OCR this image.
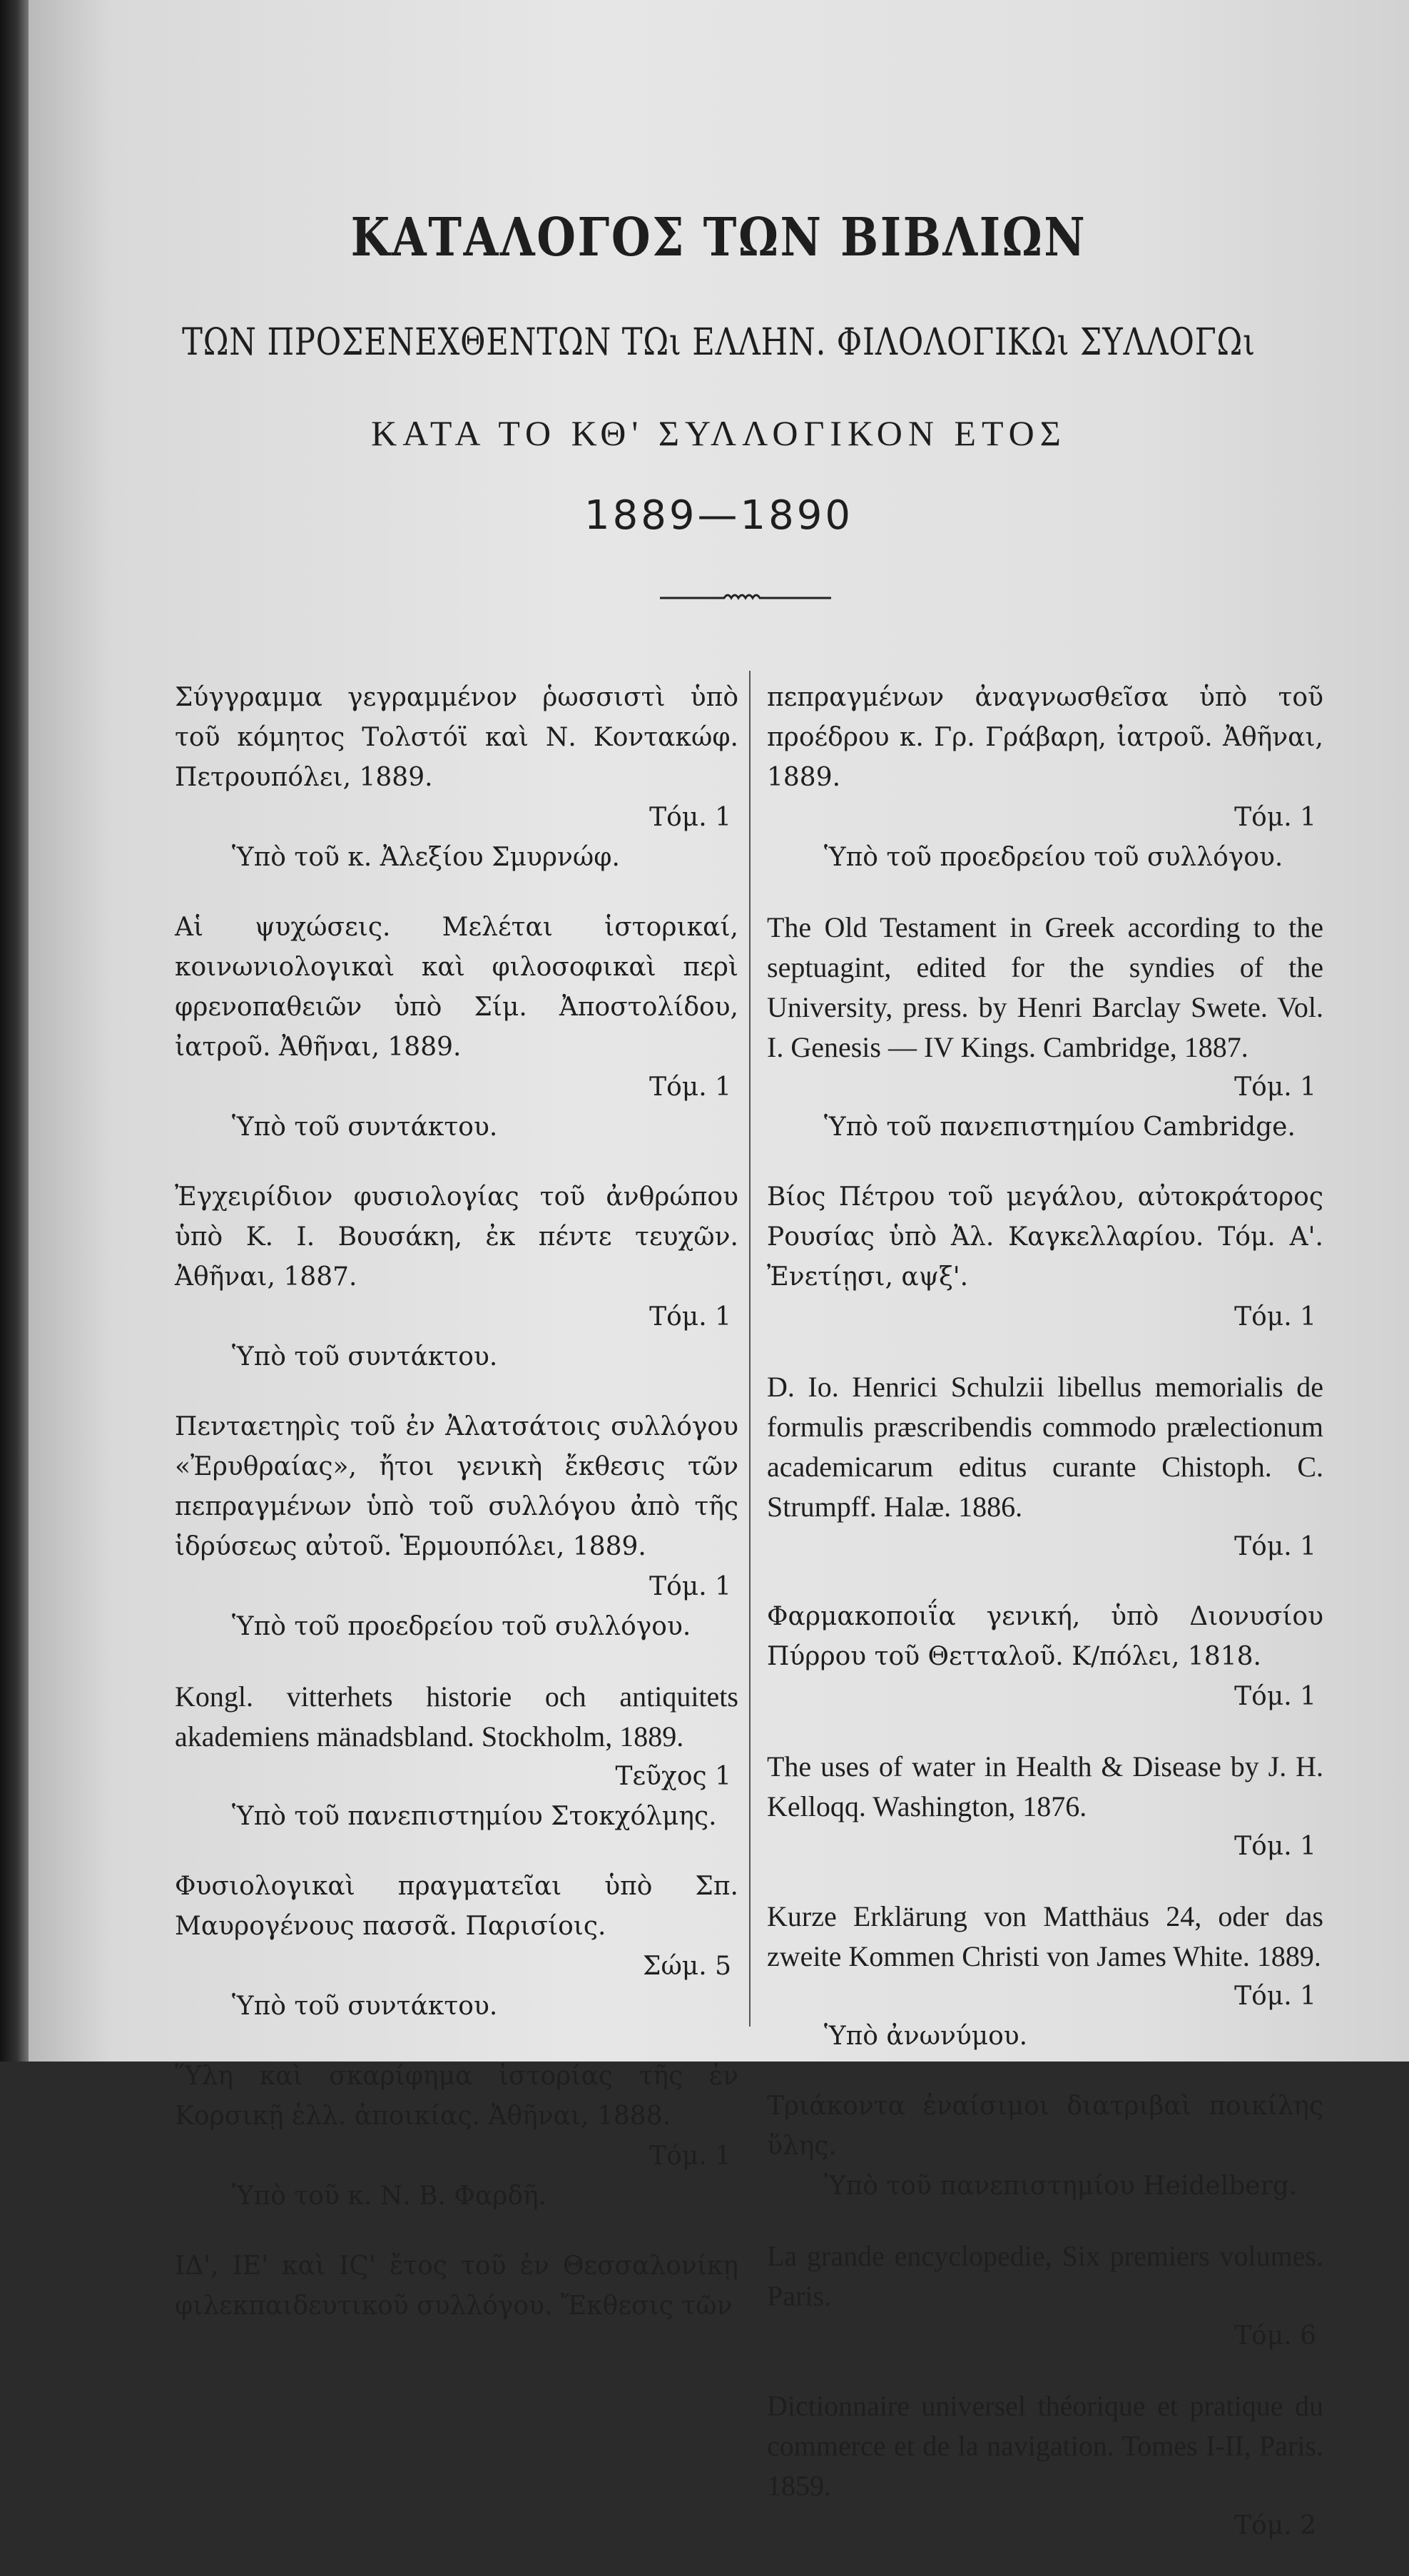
ΚΑΤΑΛΟΓΟΣ ΤΩΝ ΒΙΒΛΙΩΝ
ΤΩΝ ΠΡΟΣΕΝΕΧΘΕΝΤΩΝ ΤΩι ΕΛΛΗΝ. ΦΙΛΟΛΟΓΙΚΩι ΣΥΛΛΟΓΩι
ΚΑΤΑ ΤΟ ΚΘ' ΣΥΛΛΟΓΙΚΟΝ ΕΤΟΣ
1889—1890
Σύγγραμμα γεγραμμένον ῥωσσιστὶ ὑπὸ τοῦ κόμητος Τολστόϊ καὶ Ν. Κοντακώφ. Πετρουπόλει, 1889.
Τόμ. 1
Ὑπὸ τοῦ κ. Ἀλεξίου Σμυρνώφ.
Αἱ ψυχώσεις. Μελέται ἱστορικαί, κοινωνιολογικαὶ καὶ φιλοσοφικαὶ περὶ φρενοπαθειῶν ὑπὸ Σίμ. Ἀποστολίδου, ἰατροῦ. Ἀθῆναι, 1889.
Τόμ. 1
Ὑπὸ τοῦ συντάκτου.
Ἐγχειρίδιον φυσιολογίας τοῦ ἀνθρώπου ὑπὸ Κ. Ι. Βουσάκη, ἐκ πέντε τευχῶν. Ἀθῆναι, 1887.
Τόμ. 1
Ὑπὸ τοῦ συντάκτου.
Πενταετηρὶς τοῦ ἐν Ἀλατσάτοις συλλόγου «Ἐρυθραίας», ἤτοι γενικὴ ἔκθεσις τῶν πεπραγμένων ὑπὸ τοῦ συλλόγου ἀπὸ τῆς ἱδρύσεως αὐτοῦ. Ἑρμουπόλει, 1889.
Τόμ. 1
Ὑπὸ τοῦ προεδρείου τοῦ συλλόγου.
Kongl. vitterhets historie och antiquitets akademiens mänadsbland. Stockholm, 1889.
Τεῦχος 1
Ὑπὸ τοῦ πανεπιστημίου Στοκχόλμης.
Φυσιολογικαὶ πραγματεῖαι ὑπὸ Σπ. Μαυρογένους πασσᾶ. Παρισίοις.
Σώμ. 5
Ὑπὸ τοῦ συντάκτου.
Ὕλη καὶ σκαρίφημα ἱστορίας τῆς ἐν Κορσικῇ ἑλλ. ἀποικίας. Ἀθῆναι, 1888.
Τόμ. 1
Ὑπὸ τοῦ κ. Ν. Β. Φαρδῆ.
ΙΔ', ΙΕ' καὶ ΙϚ' ἔτος τοῦ ἐν Θεσσαλονίκῃ φιλεκπαιδευτικοῦ συλλόγου. Ἔκθεσις τῶν
πεπραγμένων ἀναγνωσθεῖσα ὑπὸ τοῦ προέδρου κ. Γρ. Γράβαρη, ἰατροῦ. Ἀθῆναι, 1889.
Τόμ. 1
Ὑπὸ τοῦ προεδρείου τοῦ συλλόγου.
The Old Testament in Greek according to the septuagint, edited for the syndies of the University, press. by Henri Barclay Swete. Vol. I. Genesis — IV Kings. Cambridge, 1887.
Τόμ. 1
Ὑπὸ τοῦ πανεπιστημίου Cambridge.
Βίος Πέτρου τοῦ μεγάλου, αὐτοκράτορος Ρουσίας ὑπὸ Ἀλ. Καγκελλαρίου. Τόμ. Α'. Ἐνετίῃσι, αψξ'.
Τόμ. 1
D. Io. Henrici Schulzii libellus memorialis de formulis præscribendis commodo prælectionum academicarum editus curante Chistoph. C. Strumpff. Halæ. 1886.
Τόμ. 1
Φαρμακοποιΐα γενική, ὑπὸ Διονυσίου Πύρρου τοῦ Θετταλοῦ. Κ/πόλει, 1818.
Τόμ. 1
The uses of water in Health & Disease by J. H. Kelloqq. Washington, 1876.
Τόμ. 1
Kurze Erklärung von Matthäus 24, oder das zweite Kommen Christi von James White. 1889.
Τόμ. 1
Ὑπὸ ἀνωνύμου.
Τριάκοντα ἐναίσιμοι διατριβαὶ ποικίλης ὕλης.
Ὑπὸ τοῦ πανεπιστημίου Heidelberg.
La grande encyclopedie, Six premiers volumes. Paris.
Τόμ. 6
Dictionnaire universel théorique et pratique du commerce et de la navigation. Tomes I-II, Paris. 1859.
Τόμ. 2
